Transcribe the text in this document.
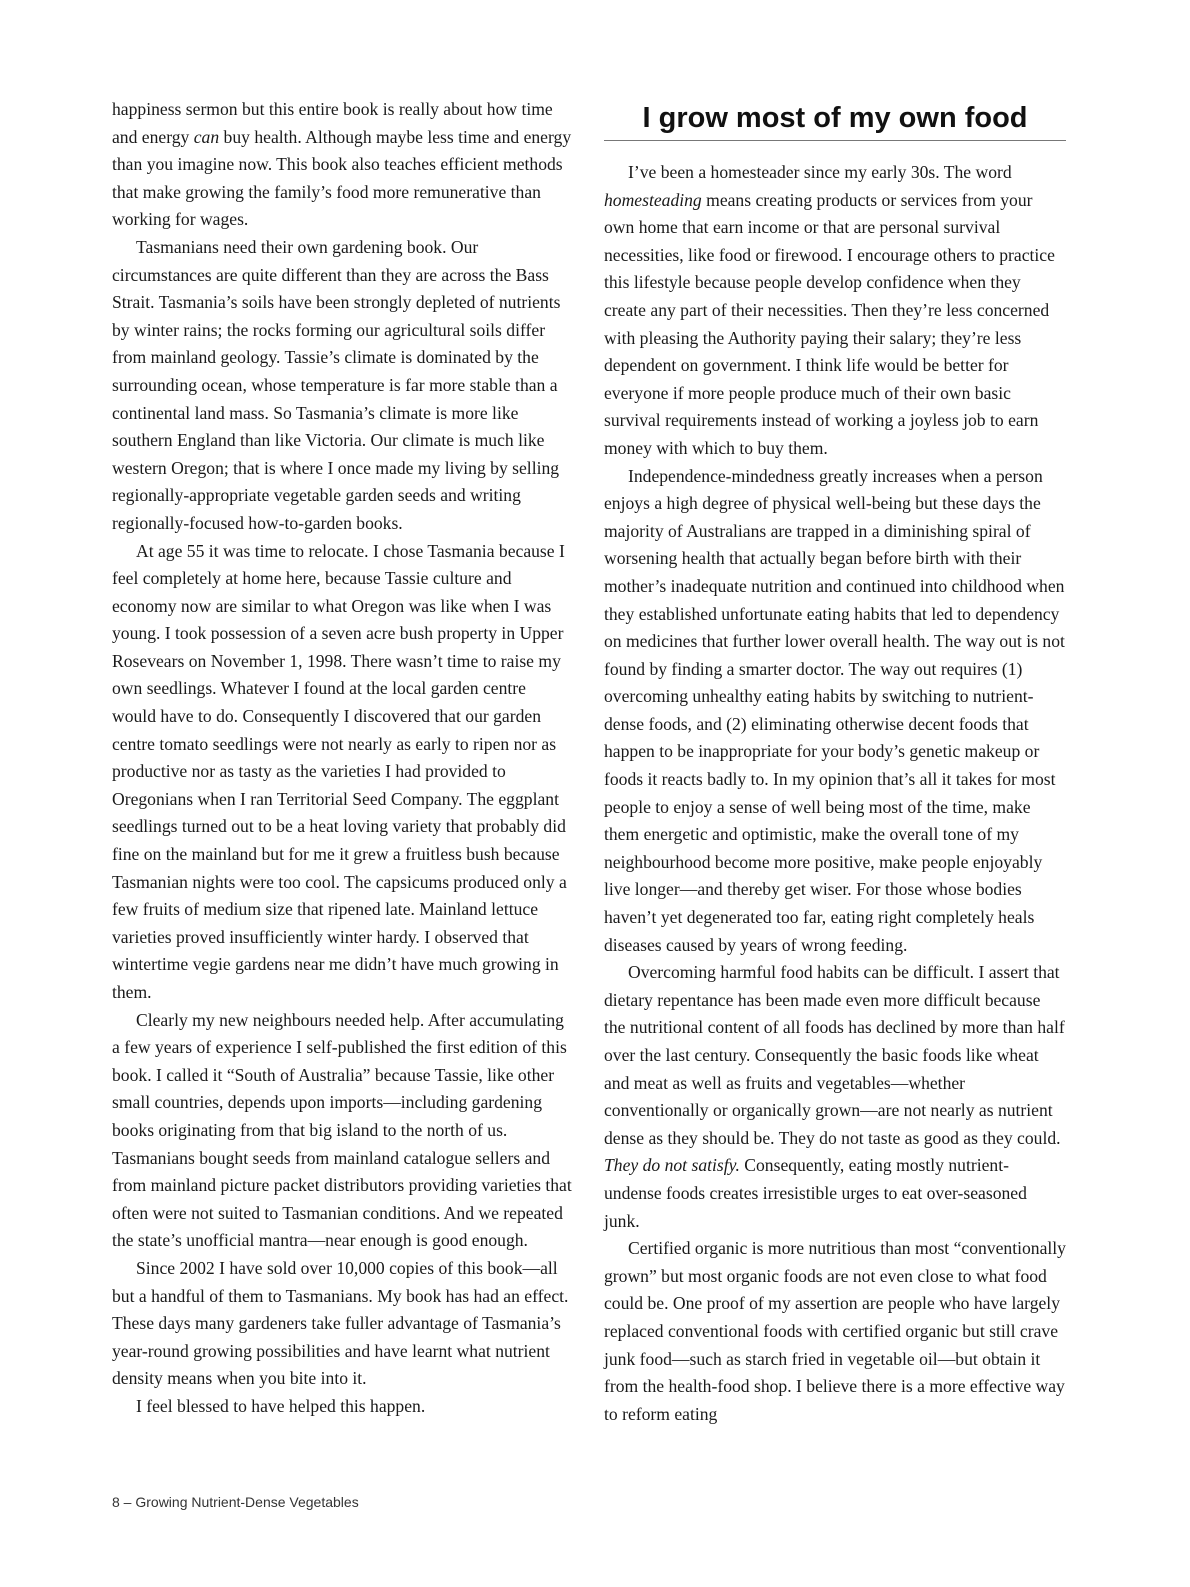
happiness sermon but this entire book is really about how time and energy can buy health. Although maybe less time and energy than you imagine now. This book also teaches efficient methods that make growing the family’s food more remunerative than working for wages.

Tasmanians need their own gardening book. Our circumstances are quite different than they are across the Bass Strait. Tasmania’s soils have been strongly depleted of nutrients by winter rains; the rocks forming our agricultural soils differ from mainland geology. Tassie’s climate is dominated by the surrounding ocean, whose temperature is far more stable than a continental land mass. So Tasmania’s climate is more like southern England than like Victoria. Our climate is much like western Oregon; that is where I once made my living by selling regionally-appropriate vegetable garden seeds and writing regionally-focused how-to-garden books.

At age 55 it was time to relocate. I chose Tasmania because I feel completely at home here, because Tassie culture and economy now are similar to what Oregon was like when I was young. I took possession of a seven acre bush property in Upper Rosevears on November 1, 1998. There wasn’t time to raise my own seedlings. Whatever I found at the local garden centre would have to do. Consequently I discovered that our garden centre tomato seedlings were not nearly as early to ripen nor as productive nor as tasty as the varieties I had provided to Oregonians when I ran Territorial Seed Company. The eggplant seedlings turned out to be a heat loving variety that probably did fine on the mainland but for me it grew a fruitless bush because Tasmanian nights were too cool. The capsicums produced only a few fruits of medium size that ripened late. Mainland lettuce varieties proved insufficiently winter hardy. I observed that wintertime vegie gardens near me didn’t have much growing in them.

Clearly my new neighbours needed help. After accumulating a few years of experience I self-published the first edition of this book. I called it “South of Australia” because Tassie, like other small countries, depends upon imports—including gardening books originating from that big island to the north of us. Tasmanians bought seeds from mainland catalogue sellers and from mainland picture packet distributors providing varieties that often were not suited to Tasmanian conditions. And we repeated the state’s unofficial mantra—near enough is good enough.

Since 2002 I have sold over 10,000 copies of this book—all but a handful of them to Tasmanians. My book has had an effect. These days many gardeners take fuller advantage of Tasmania’s year-round growing possibilities and have learnt what nutrient density means when you bite into it.

I feel blessed to have helped this happen.

I grow most of my own food

I’ve been a homesteader since my early 30s. The word homesteading means creating products or services from your own home that earn income or that are personal survival necessities, like food or firewood. I encourage others to practice this lifestyle because people develop confidence when they create any part of their necessities. Then they’re less concerned with pleasing the Authority paying their salary; they’re less dependent on government. I think life would be better for everyone if more people produce much of their own basic survival requirements instead of working a joyless job to earn money with which to buy them.

Independence-mindedness greatly increases when a person enjoys a high degree of physical well-being but these days the majority of Australians are trapped in a diminishing spiral of worsening health that actually began before birth with their mother’s inadequate nutrition and continued into childhood when they established unfortunate eating habits that led to dependency on medicines that further lower overall health. The way out is not found by finding a smarter doctor. The way out requires (1) overcoming unhealthy eating habits by switching to nutrient-dense foods, and (2) eliminating otherwise decent foods that happen to be inappropriate for your body’s genetic makeup or foods it reacts badly to. In my opinion that’s all it takes for most people to enjoy a sense of well being most of the time, make them energetic and optimistic, make the overall tone of my neighbourhood become more positive, make people enjoyably live longer—and thereby get wiser. For those whose bodies haven’t yet degenerated too far, eating right completely heals diseases caused by years of wrong feeding.

Overcoming harmful food habits can be difficult. I assert that dietary repentance has been made even more difficult because the nutritional content of all foods has declined by more than half over the last century. Consequently the basic foods like wheat and meat as well as fruits and vegetables—whether conventionally or organically grown—are not nearly as nutrient dense as they should be. They do not taste as good as they could. They do not satisfy. Consequently, eating mostly nutrient-undense foods creates irresistible urges to eat over-seasoned junk.

Certified organic is more nutritious than most “conventionally grown” but most organic foods are not even close to what food could be. One proof of my assertion are people who have largely replaced conventional foods with certified organic but still crave junk food—such as starch fried in vegetable oil—but obtain it from the health-food shop. I believe there is a more effective way to reform eating

8 – Growing Nutrient-Dense Vegetables
